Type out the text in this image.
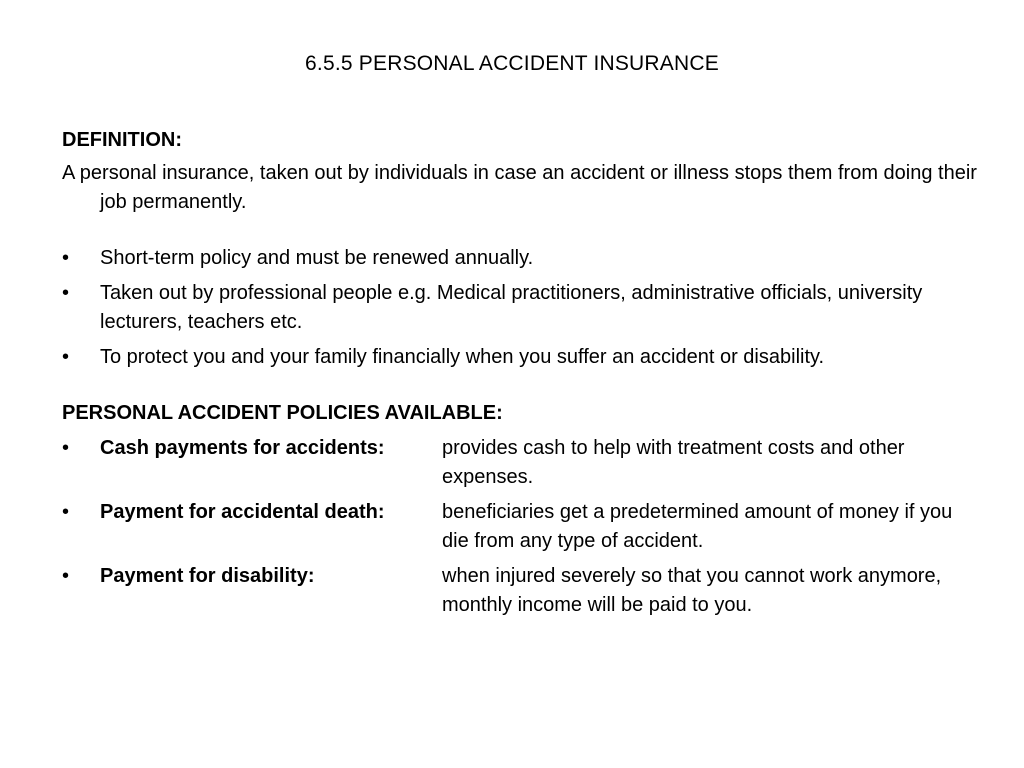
6.5.5 PERSONAL ACCIDENT INSURANCE
DEFINITION:
A personal insurance, taken out by individuals in case an accident or illness stops them from doing their job permanently.
•	Short-term policy and must be renewed annually.
•	Taken out by professional people e.g. Medical practitioners, administrative officials, university lecturers, teachers etc.
•	To protect you and your family financially when you suffer an accident or disability.
PERSONAL ACCIDENT POLICIES AVAILABLE:
• Cash payments for accidents:	provides cash to help with treatment costs and other expenses.
• Payment for accidental death:	beneficiaries get a predetermined amount of money if you die from any type of accident.
• Payment for disability:	when injured severely so that you cannot work anymore, monthly income will be paid to you.
